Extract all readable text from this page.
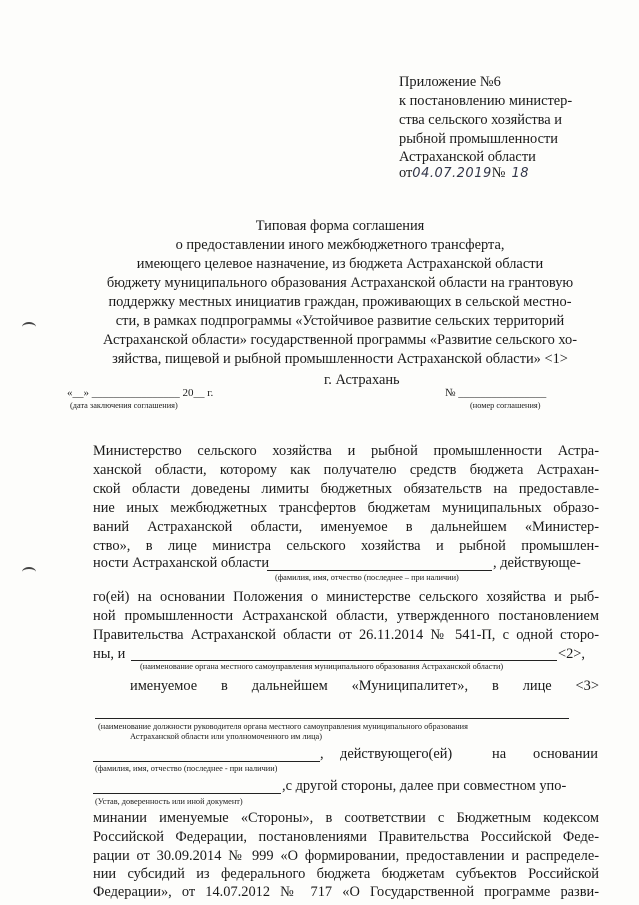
Приложение №6
к постановлению министер-
ства сельского хозяйства и
рыбной промышленности
Астраханской области
от04.07.2019№ 18
Типовая форма соглашения
о предоставлении иного межбюджетного трансферта,
имеющего целевое назначение, из бюджета Астраханской области
бюджету муниципального образования Астраханской области на грантовую
поддержку местных инициатив граждан, проживающих в сельской местно-
сти, в рамках подпрограммы «Устойчивое развитие сельских территорий
Астраханской области» государственной программы «Развитие сельского хо-
зяйства, пищевой и рыбной промышленности Астраханской области» <1>
г. Астрахань
«__» ________________ 20__ г.
(дата заключения соглашения)
№ ________________
(номер соглашения)
Министерство сельского хозяйства и рыбной промышленности Астра-
ханской области, которому как получателю средств бюджета Астрахан-
ской области доведены лимиты бюджетных обязательств на предоставле-
ние иных межбюджетных трансфертов бюджетам муниципальных образо-
ваний Астраханской области, именуемое в дальнейшем «Министер-
ство», в лице министра сельского хозяйства и рыбной промышлен-
ности Астраханской области	, действующе-
(фамилия, имя, отчество (последнее – при наличии)
го(ей) на основании Положения о министерстве сельского хозяйства и рыб-
ной промышленности Астраханской области, утвержденного постановлением
Правительства Астраханской области от 26.11.2014 № 541-П, с одной сторо-
ны, и	<2>,
(наименование органа местного самоуправления муниципального образования Астраханской области)
именуемое в дальнейшем «Муниципалитет», в лице <3>
(наименование должности руководителя органа местного самоуправления муниципального образования
Астраханской области или уполномоченного им лица)
, действующего(ей)	на основании
(фамилия, имя, отчество (последнее - при наличии)
,с другой стороны, далее при совместном упо-
(Устав, доверенность или иной документ)
минании именуемые «Стороны», в соответствии с Бюджетным кодексом
Российской Федерации, постановлениями Правительства Российской Феде-
рации от 30.09.2014 № 999 «О формировании, предоставлении и распределе-
нии субсидий из федерального бюджета бюджетам субъектов Российской
Федерации», от 14.07.2012 № 717 «О Государственной программе разви-
